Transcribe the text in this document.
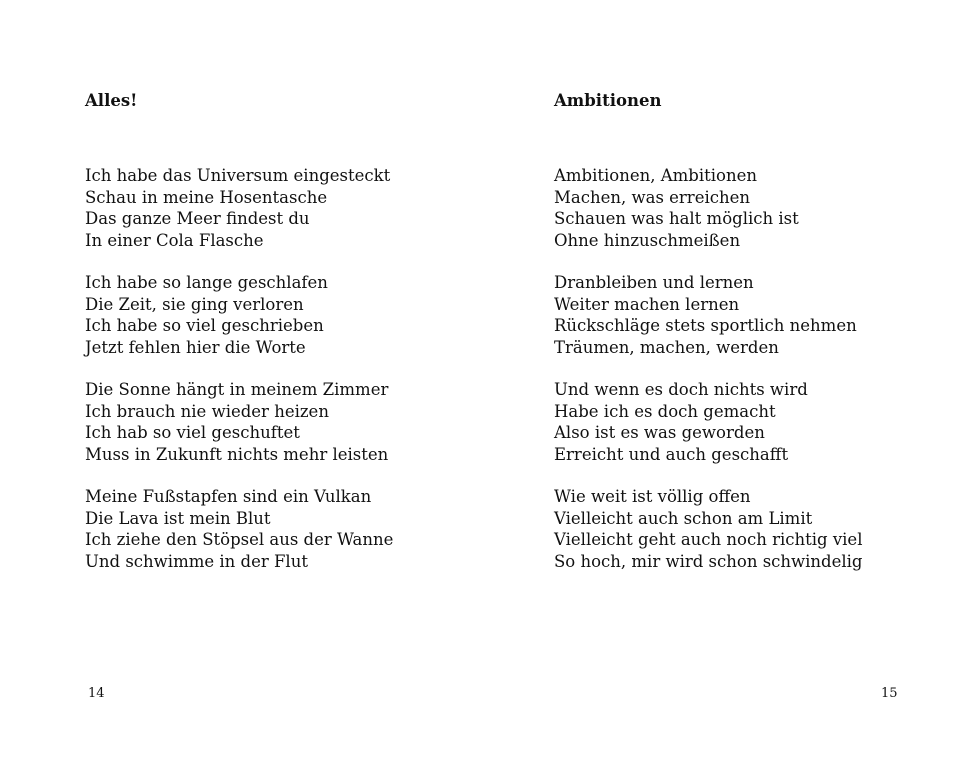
Alles!
Ich habe das Universum eingesteckt
Schau in meine Hosentasche
Das ganze Meer findest du
In einer Cola Flasche
Ich habe so lange geschlafen
Die Zeit, sie ging verloren
Ich habe so viel geschrieben
Jetzt fehlen hier die Worte
Die Sonne hängt in meinem Zimmer
Ich brauch nie wieder heizen
Ich hab so viel geschuftet
Muss in Zukunft nichts mehr leisten
Meine Fußstapfen sind ein Vulkan
Die Lava ist mein Blut
Ich ziehe den Stöpsel aus der Wanne
Und schwimme in der Flut
14
Ambitionen
Ambitionen, Ambitionen
Machen, was erreichen
Schauen was halt möglich ist
Ohne hinzuschmeißen
Dranbleiben und lernen
Weiter machen lernen
Rückschläge stets sportlich nehmen
Träumen, machen, werden
Und wenn es doch nichts wird
Habe ich es doch gemacht
Also ist es was geworden
Erreicht und auch geschafft
Wie weit ist völlig offen
Vielleicht auch schon am Limit
Vielleicht geht auch noch richtig viel
So hoch, mir wird schon schwindelig
15
